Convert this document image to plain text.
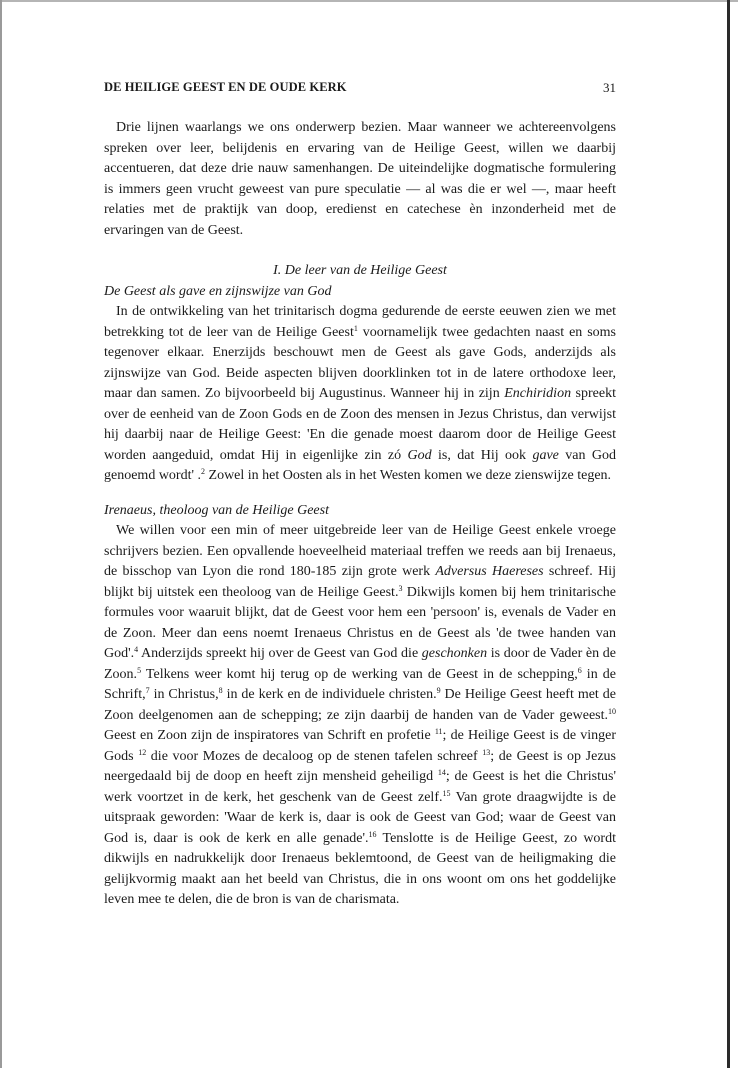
DE HEILIGE GEEST EN DE OUDE KERK	31

Drie lijnen waarlangs we ons onderwerp bezien. Maar wanneer we achtereenvolgens spreken over leer, belijdenis en ervaring van de Heilige Geest, willen we daarbij accentueren, dat deze drie nauw samenhangen. De uiteindelijke dogmatische formulering is immers geen vrucht geweest van pure speculatie — al was die er wel —, maar heeft relaties met de praktijk van doop, eredienst en catechese èn inzonderheid met de ervaringen van de Geest.

I. De leer van de Heilige Geest

De Geest als gave en zijnswijze van God

In de ontwikkeling van het trinitarisch dogma gedurende de eerste eeuwen zien we met betrekking tot de leer van de Heilige Geest$^1$ voornamelijk twee gedachten naast en soms tegenover elkaar. Enerzijds beschouwt men de Geest als gave Gods, anderzijds als zijnswijze van God. Beide aspecten blijven doorklinken tot in de latere orthodoxe leer, maar dan samen. Zo bijvoorbeeld bij Augustinus. Wanneer hij in zijn Enchiridion spreekt over de eenheid van de Zoon Gods en de Zoon des mensen in Jezus Christus, dan verwijst hij daarbij naar de Heilige Geest: 'En die genade moest daarom door de Heilige Geest worden aangeduid, omdat Hij in eigenlijke zin zó God is, dat Hij ook gave van God genoemd wordt' .$^2$ Zowel in het Oosten als in het Westen komen we deze zienswijze tegen.

Irenaeus, theoloog van de Heilige Geest

We willen voor een min of meer uitgebreide leer van de Heilige Geest enkele vroege schrijvers bezien. Een opvallende hoeveelheid materiaal treffen we reeds aan bij Irenaeus, de bisschop van Lyon die rond 180-185 zijn grote werk Adversus Haereses schreef. Hij blijkt bij uitstek een theoloog van de Heilige Geest.$^3$ Dikwijls komen bij hem trinitarische formules voor waaruit blijkt, dat de Geest voor hem een 'persoon' is, evenals de Vader en de Zoon. Meer dan eens noemt Irenaeus Christus en de Geest als 'de twee handen van God'.$^4$ Anderzijds spreekt hij over de Geest van God die geschonken is door de Vader èn de Zoon.$^5$ Telkens weer komt hij terug op de werking van de Geest in de schepping,$^6$ in de Schrift,$^7$ in Christus,$^8$ in de kerk en de individuele christen.$^9$ De Heilige Geest heeft met de Zoon deelgenomen aan de schepping; ze zijn daarbij de handen van de Vader geweest.$^{10}$ Geest en Zoon zijn de inspiratores van Schrift en profetie $^{11}$; de Heilige Geest is de vinger Gods $^{12}$ die voor Mozes de decaloog op de stenen tafelen schreef $^{13}$; de Geest is op Jezus neergedaald bij de doop en heeft zijn mensheid geheiligd $^{14}$; de Geest is het die Christus' werk voortzet in de kerk, het geschenk van de Geest zelf.$^{15}$ Van grote draagwijdte is de uitspraak geworden: 'Waar de kerk is, daar is ook de Geest van God; waar de Geest van God is, daar is ook de kerk en alle genade'.$^{16}$ Tenslotte is de Heilige Geest, zo wordt dikwijls en nadrukkelijk door Irenaeus beklemtoond, de Geest van de heiligmaking die gelijkvormig maakt aan het beeld van Christus, die in ons woont om ons het goddelijke leven mee te delen, die de bron is van de charismata.
